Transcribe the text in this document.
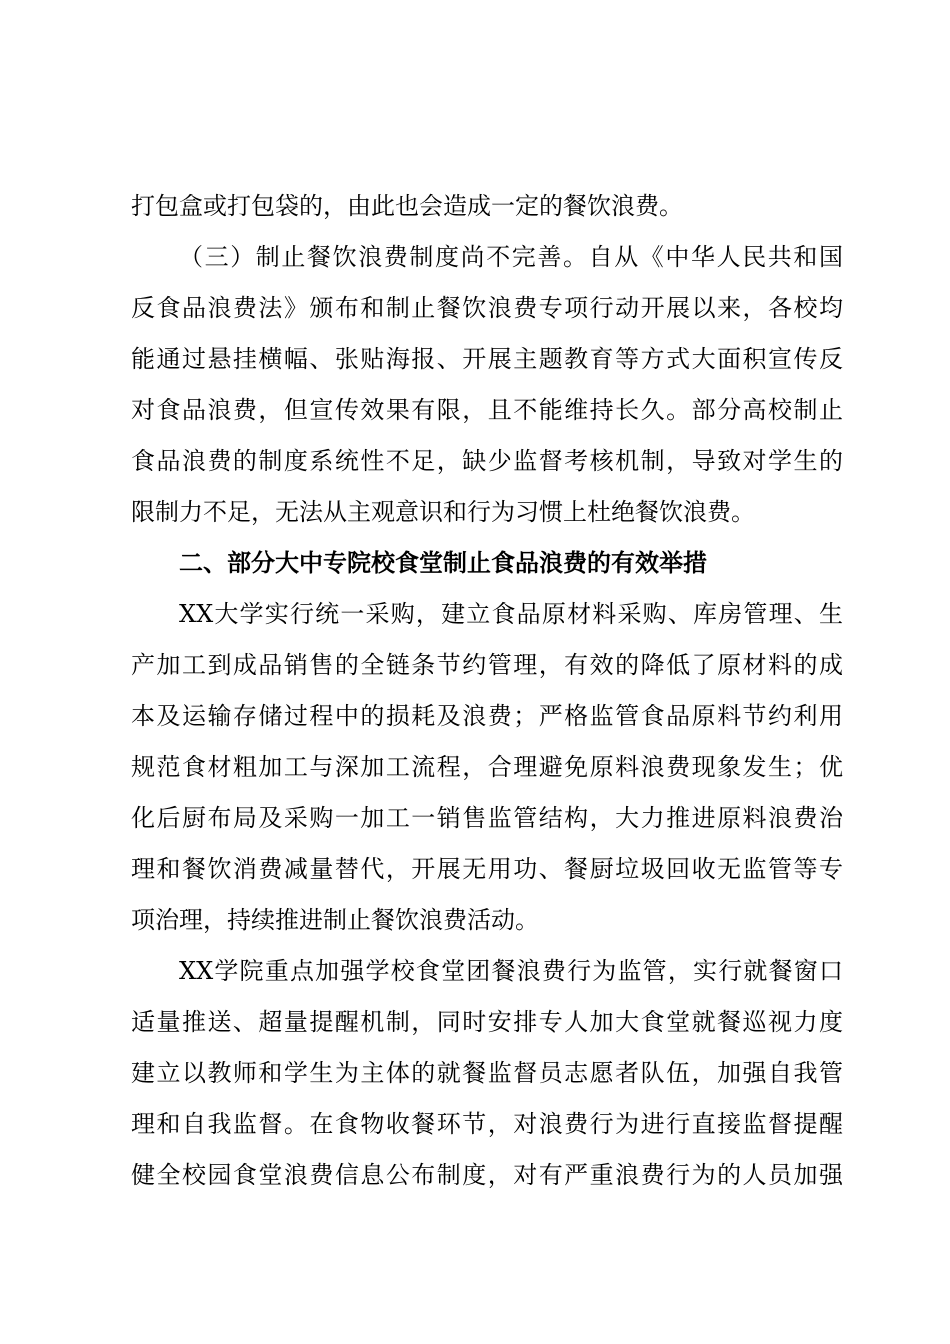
打包盒或打包袋的，由此也会造成一定的餐饮浪费。
（三）制止餐饮浪费制度尚不完善。自从《中华人民共和国
反食品浪费法》颁布和制止餐饮浪费专项行动开展以来，各校均
能通过悬挂横幅、张贴海报、开展主题教育等方式大面积宣传反
对食品浪费，但宣传效果有限，且不能维持长久。部分高校制止
食品浪费的制度系统性不足，缺少监督考核机制，导致对学生的
限制力不足，无法从主观意识和行为习惯上杜绝餐饮浪费。
二、部分大中专院校食堂制止食品浪费的有效举措
XX大学实行统一采购，建立食品原材料采购、库房管理、生
产加工到成品销售的全链条节约管理，有效的降低了原材料的成
本及运输存储过程中的损耗及浪费；严格监管食品原料节约利用
规范食材粗加工与深加工流程，合理避免原料浪费现象发生；优
化后厨布局及采购一加工一销售监管结构，大力推进原料浪费治
理和餐饮消费减量替代，开展无用功、餐厨垃圾回收无监管等专
项治理，持续推进制止餐饮浪费活动。
XX学院重点加强学校食堂团餐浪费行为监管，实行就餐窗口
适量推送、超量提醒机制，同时安排专人加大食堂就餐巡视力度
建立以教师和学生为主体的就餐监督员志愿者队伍，加强自我管
理和自我监督。在食物收餐环节，对浪费行为进行直接监督提醒
健全校园食堂浪费信息公布制度，对有严重浪费行为的人员加强
